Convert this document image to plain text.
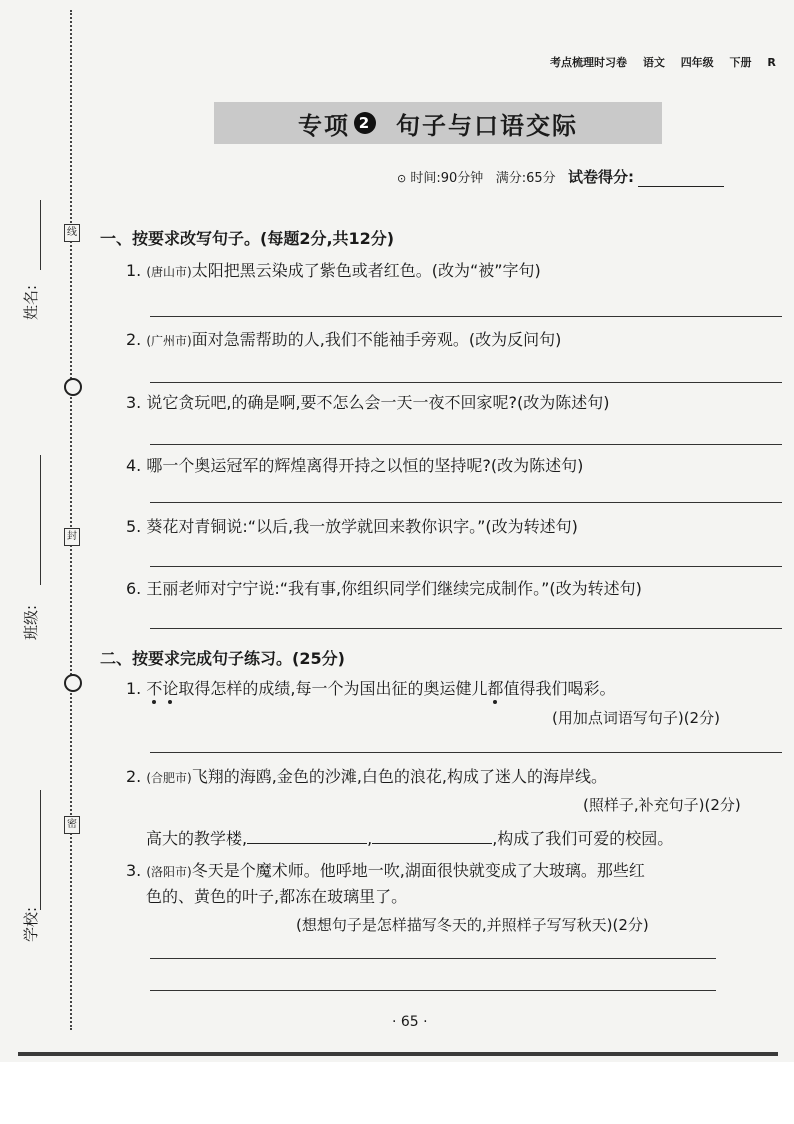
姓名:
线
班级:
封
学校:
密
考点梳理时习卷 语文 四年级 下册 R
专项 2 句子与口语交际
⊙ 时间:90分钟 满分:65分 试卷得分:
一、按要求改写句子。(每题2分,共12分)
1. (唐山市)太阳把黑云染成了紫色或者红色。(改为“被”字句)
2. (广州市)面对急需帮助的人,我们不能袖手旁观。(改为反问句)
3. 说它贪玩吧,的确是啊,要不怎么会一天一夜不回家呢?(改为陈述句)
4. 哪一个奥运冠军的辉煌离得开持之以恒的坚持呢?(改为陈述句)
5. 葵花对青铜说:“以后,我一放学就回来教你识字。”(改为转述句)
6. 王丽老师对宁宁说:“我有事,你组织同学们继续完成制作。”(改为转述句)
二、按要求完成句子练习。(25分)
1. 不论取得怎样的成绩,每一个为国出征的奥运健儿都值得我们喝彩。
(用加点词语写句子)(2分)
2. (合肥市)飞翔的海鸥,金色的沙滩,白色的浪花,构成了迷人的海岸线。
(照样子,补充句子)(2分)
高大的教学楼,	,	,构成了我们可爱的校园。
3. (洛阳市)冬天是个魔术师。他呼地一吹,湖面很快就变成了大玻璃。那些红
色的、黄色的叶子,都冻在玻璃里了。
(想想句子是怎样描写冬天的,并照样子写写秋天)(2分)
· 65 ·
